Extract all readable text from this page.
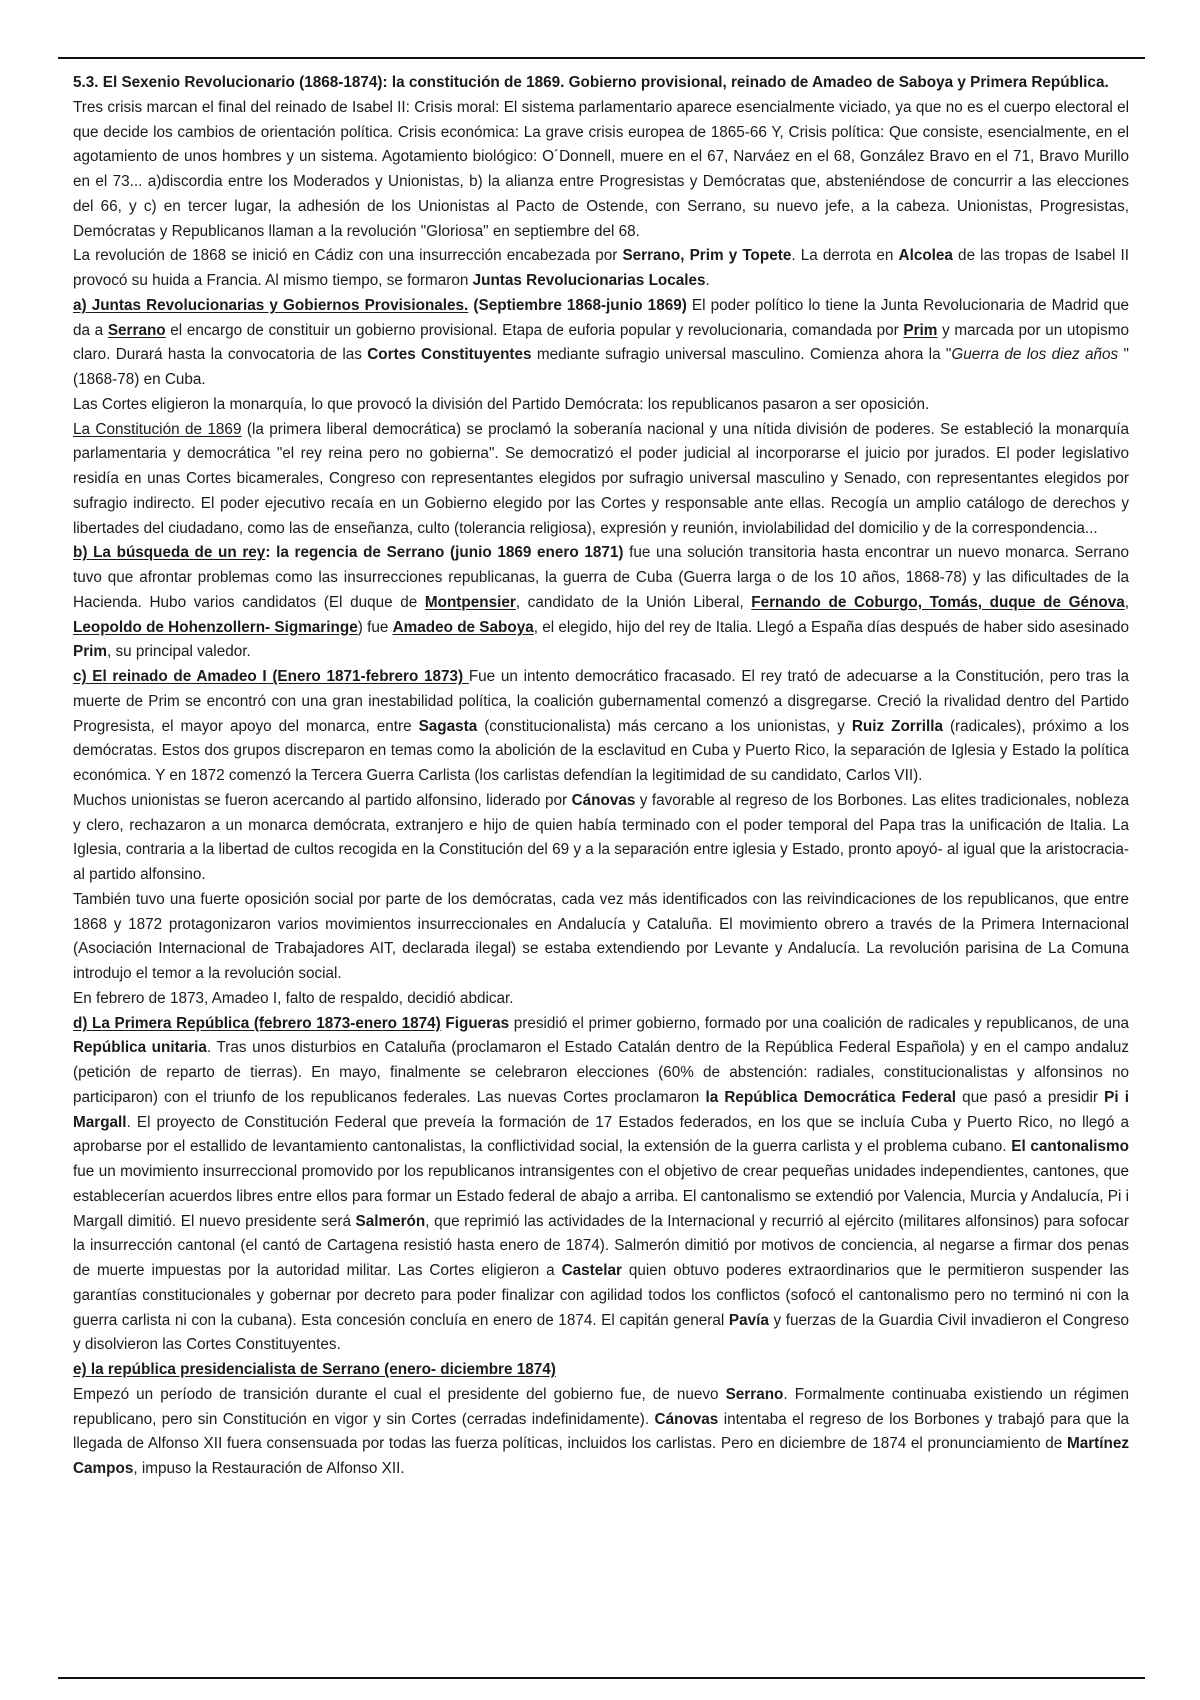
5.3. El Sexenio Revolucionario (1868-1874): la constitución de 1869. Gobierno provisional, reinado de Amadeo de Saboya y Primera República.

Tres crisis marcan el final del reinado de Isabel II: Crisis moral: El sistema parlamentario aparece esencialmente viciado, ya que no es el cuerpo electoral el que decide los cambios de orientación política. Crisis económica: La grave crisis europea de 1865-66 Y, Crisis política: Que consiste, esencialmente, en el agotamiento de unos hombres y un sistema. Agotamiento biológico: O´Donnell, muere en el 67, Narváez en el 68, González Bravo en el 71, Bravo Murillo en el 73... a)discordia entre los Moderados y Unionistas, b) la alianza entre Progresistas y Demócratas que, absteniéndose de concurrir a las elecciones del 66, y c) en tercer lugar, la adhesión de los Unionistas al Pacto de Ostende, con Serrano, su nuevo jefe, a la cabeza. Unionistas, Progresistas, Demócratas y Republicanos llaman a la revolución "Gloriosa" en septiembre del 68.

La revolución de 1868 se inició en Cádiz con una insurrección encabezada por Serrano, Prim y Topete. La derrota en Alcolea de las tropas de Isabel II provocó su huida a Francia. Al mismo tiempo, se formaron Juntas Revolucionarias Locales.

a) Juntas Revolucionarias y Gobiernos Provisionales. (Septiembre 1868-junio 1869) El poder político lo tiene la Junta Revolucionaria de Madrid que da a Serrano el encargo de constituir un gobierno provisional. Etapa de euforia popular y revolucionaria, comandada por Prim y marcada por un utopismo claro. Durará hasta la convocatoria de las Cortes Constituyentes mediante sufragio universal masculino. Comienza ahora la "Guerra de los diez años "(1868-78) en Cuba.

Las Cortes eligieron la monarquía, lo que provocó la división del Partido Demócrata: los republicanos pasaron a ser oposición.

La Constitución de 1869 (la primera liberal democrática) se proclamó la soberanía nacional y una nítida división de poderes. Se estableció la monarquía parlamentaria y democrática "el rey reina pero no gobierna". Se democratizó el poder judicial al incorporarse el juicio por jurados. El poder legislativo residía en unas Cortes bicamerales, Congreso con representantes elegidos por sufragio universal masculino y Senado, con representantes elegidos por sufragio indirecto. El poder ejecutivo recaía en un Gobierno elegido por las Cortes y responsable ante ellas. Recogía un amplio catálogo de derechos y libertades del ciudadano, como las de enseñanza, culto (tolerancia religiosa), expresión y reunión, inviolabilidad del domicilio y de la correspondencia...

b) La búsqueda de un rey: la regencia de Serrano (junio 1869 enero 1871) fue una solución transitoria hasta encontrar un nuevo monarca. Serrano tuvo que afrontar problemas como las insurrecciones republicanas, la guerra de Cuba (Guerra larga o de los 10 años, 1868-78) y las dificultades de la Hacienda. Hubo varios candidatos (El duque de Montpensier, candidato de la Unión Liberal, Fernando de Coburgo, Tomás, duque de Génova, Leopoldo de Hohenzollern- Sigmaringe) fue Amadeo de Saboya, el elegido, hijo del rey de Italia. Llegó a España días después de haber sido asesinado Prim, su principal valedor.

c) El reinado de Amadeo I (Enero 1871-febrero 1873) Fue un intento democrático fracasado. El rey trató de adecuarse a la Constitución, pero tras la muerte de Prim se encontró con una gran inestabilidad política, la coalición gubernamental comenzó a disgregarse. Creció la rivalidad dentro del Partido Progresista, el mayor apoyo del monarca, entre Sagasta (constitucionalista) más cercano a los unionistas, y Ruiz Zorrilla (radicales), próximo a los demócratas. Estos dos grupos discreparon en temas como la abolición de la esclavitud en Cuba y Puerto Rico, la separación de Iglesia y Estado la política económica. Y en 1872 comenzó la Tercera Guerra Carlista (los carlistas defendían la legitimidad de su candidato, Carlos VII).

Muchos unionistas se fueron acercando al partido alfonsino, liderado por Cánovas y favorable al regreso de los Borbones. Las elites tradicionales, nobleza y clero, rechazaron a un monarca demócrata, extranjero e hijo de quien había terminado con el poder temporal del Papa tras la unificación de Italia. La Iglesia, contraria a la libertad de cultos recogida en la Constitución del 69 y a la separación entre iglesia y Estado, pronto apoyó- al igual que la aristocracia- al partido alfonsino.

También tuvo una fuerte oposición social por parte de los demócratas, cada vez más identificados con las reivindicaciones de los republicanos, que entre 1868 y 1872 protagonizaron varios movimientos insurreccionales en Andalucía y Cataluña. El movimiento obrero a través de la Primera Internacional (Asociación Internacional de Trabajadores AIT, declarada ilegal) se estaba extendiendo por Levante y Andalucía. La revolución parisina de La Comuna introdujo el temor a la revolución social.

En febrero de 1873, Amadeo I, falto de respaldo, decidió abdicar.

d) La Primera República (febrero 1873-enero 1874) Figueras presidió el primer gobierno, formado por una coalición de radicales y republicanos, de una República unitaria. Tras unos disturbios en Cataluña (proclamaron el Estado Catalán dentro de la República Federal Española) y en el campo andaluz (petición de reparto de tierras). En mayo, finalmente se celebraron elecciones (60% de abstención: radiales, constitucionalistas y alfonsinos no participaron) con el triunfo de los republicanos federales. Las nuevas Cortes proclamaron la República Democrática Federal que pasó a presidir Pi i Margall. El proyecto de Constitución Federal que preveía la formación de 17 Estados federados, en los que se incluía Cuba y Puerto Rico, no llegó a aprobarse por el estallido de levantamiento cantonalistas, la conflictividad social, la extensión de la guerra carlista y el problema cubano. El cantonalismo fue un movimiento insurreccional promovido por los republicanos intransigentes con el objetivo de crear pequeñas unidades independientes, cantones, que establecerían acuerdos libres entre ellos para formar un Estado federal de abajo a arriba. El cantonalismo se extendió por Valencia, Murcia y Andalucía, Pi i Margall dimitió. El nuevo presidente será Salmerón, que reprimió las actividades de la Internacional y recurrió al ejército (militares alfonsinos) para sofocar la insurrección cantonal (el cantó de Cartagena resistió hasta enero de 1874). Salmerón dimitió por motivos de conciencia, al negarse a firmar dos penas de muerte impuestas por la autoridad militar. Las Cortes eligieron a Castelar quien obtuvo poderes extraordinarios que le permitieron suspender las garantías constitucionales y gobernar por decreto para poder finalizar con agilidad todos los conflictos (sofocó el cantonalismo pero no terminó ni con la guerra carlista ni con la cubana). Esta concesión concluía en enero de 1874. El capitán general Pavía y fuerzas de la Guardia Civil invadieron el Congreso y disolvieron las Cortes Constituyentes.

e) la república presidencialista de Serrano (enero- diciembre 1874)

Empezó un período de transición durante el cual el presidente del gobierno fue, de nuevo Serrano. Formalmente continuaba existiendo un régimen republicano, pero sin Constitución en vigor y sin Cortes (cerradas indefinidamente). Cánovas intentaba el regreso de los Borbones y trabajó para que la llegada de Alfonso XII fuera consensuada por todas las fuerza políticas, incluidos los carlistas. Pero en diciembre de 1874 el pronunciamiento de Martínez Campos, impuso la Restauración de Alfonso XII.
